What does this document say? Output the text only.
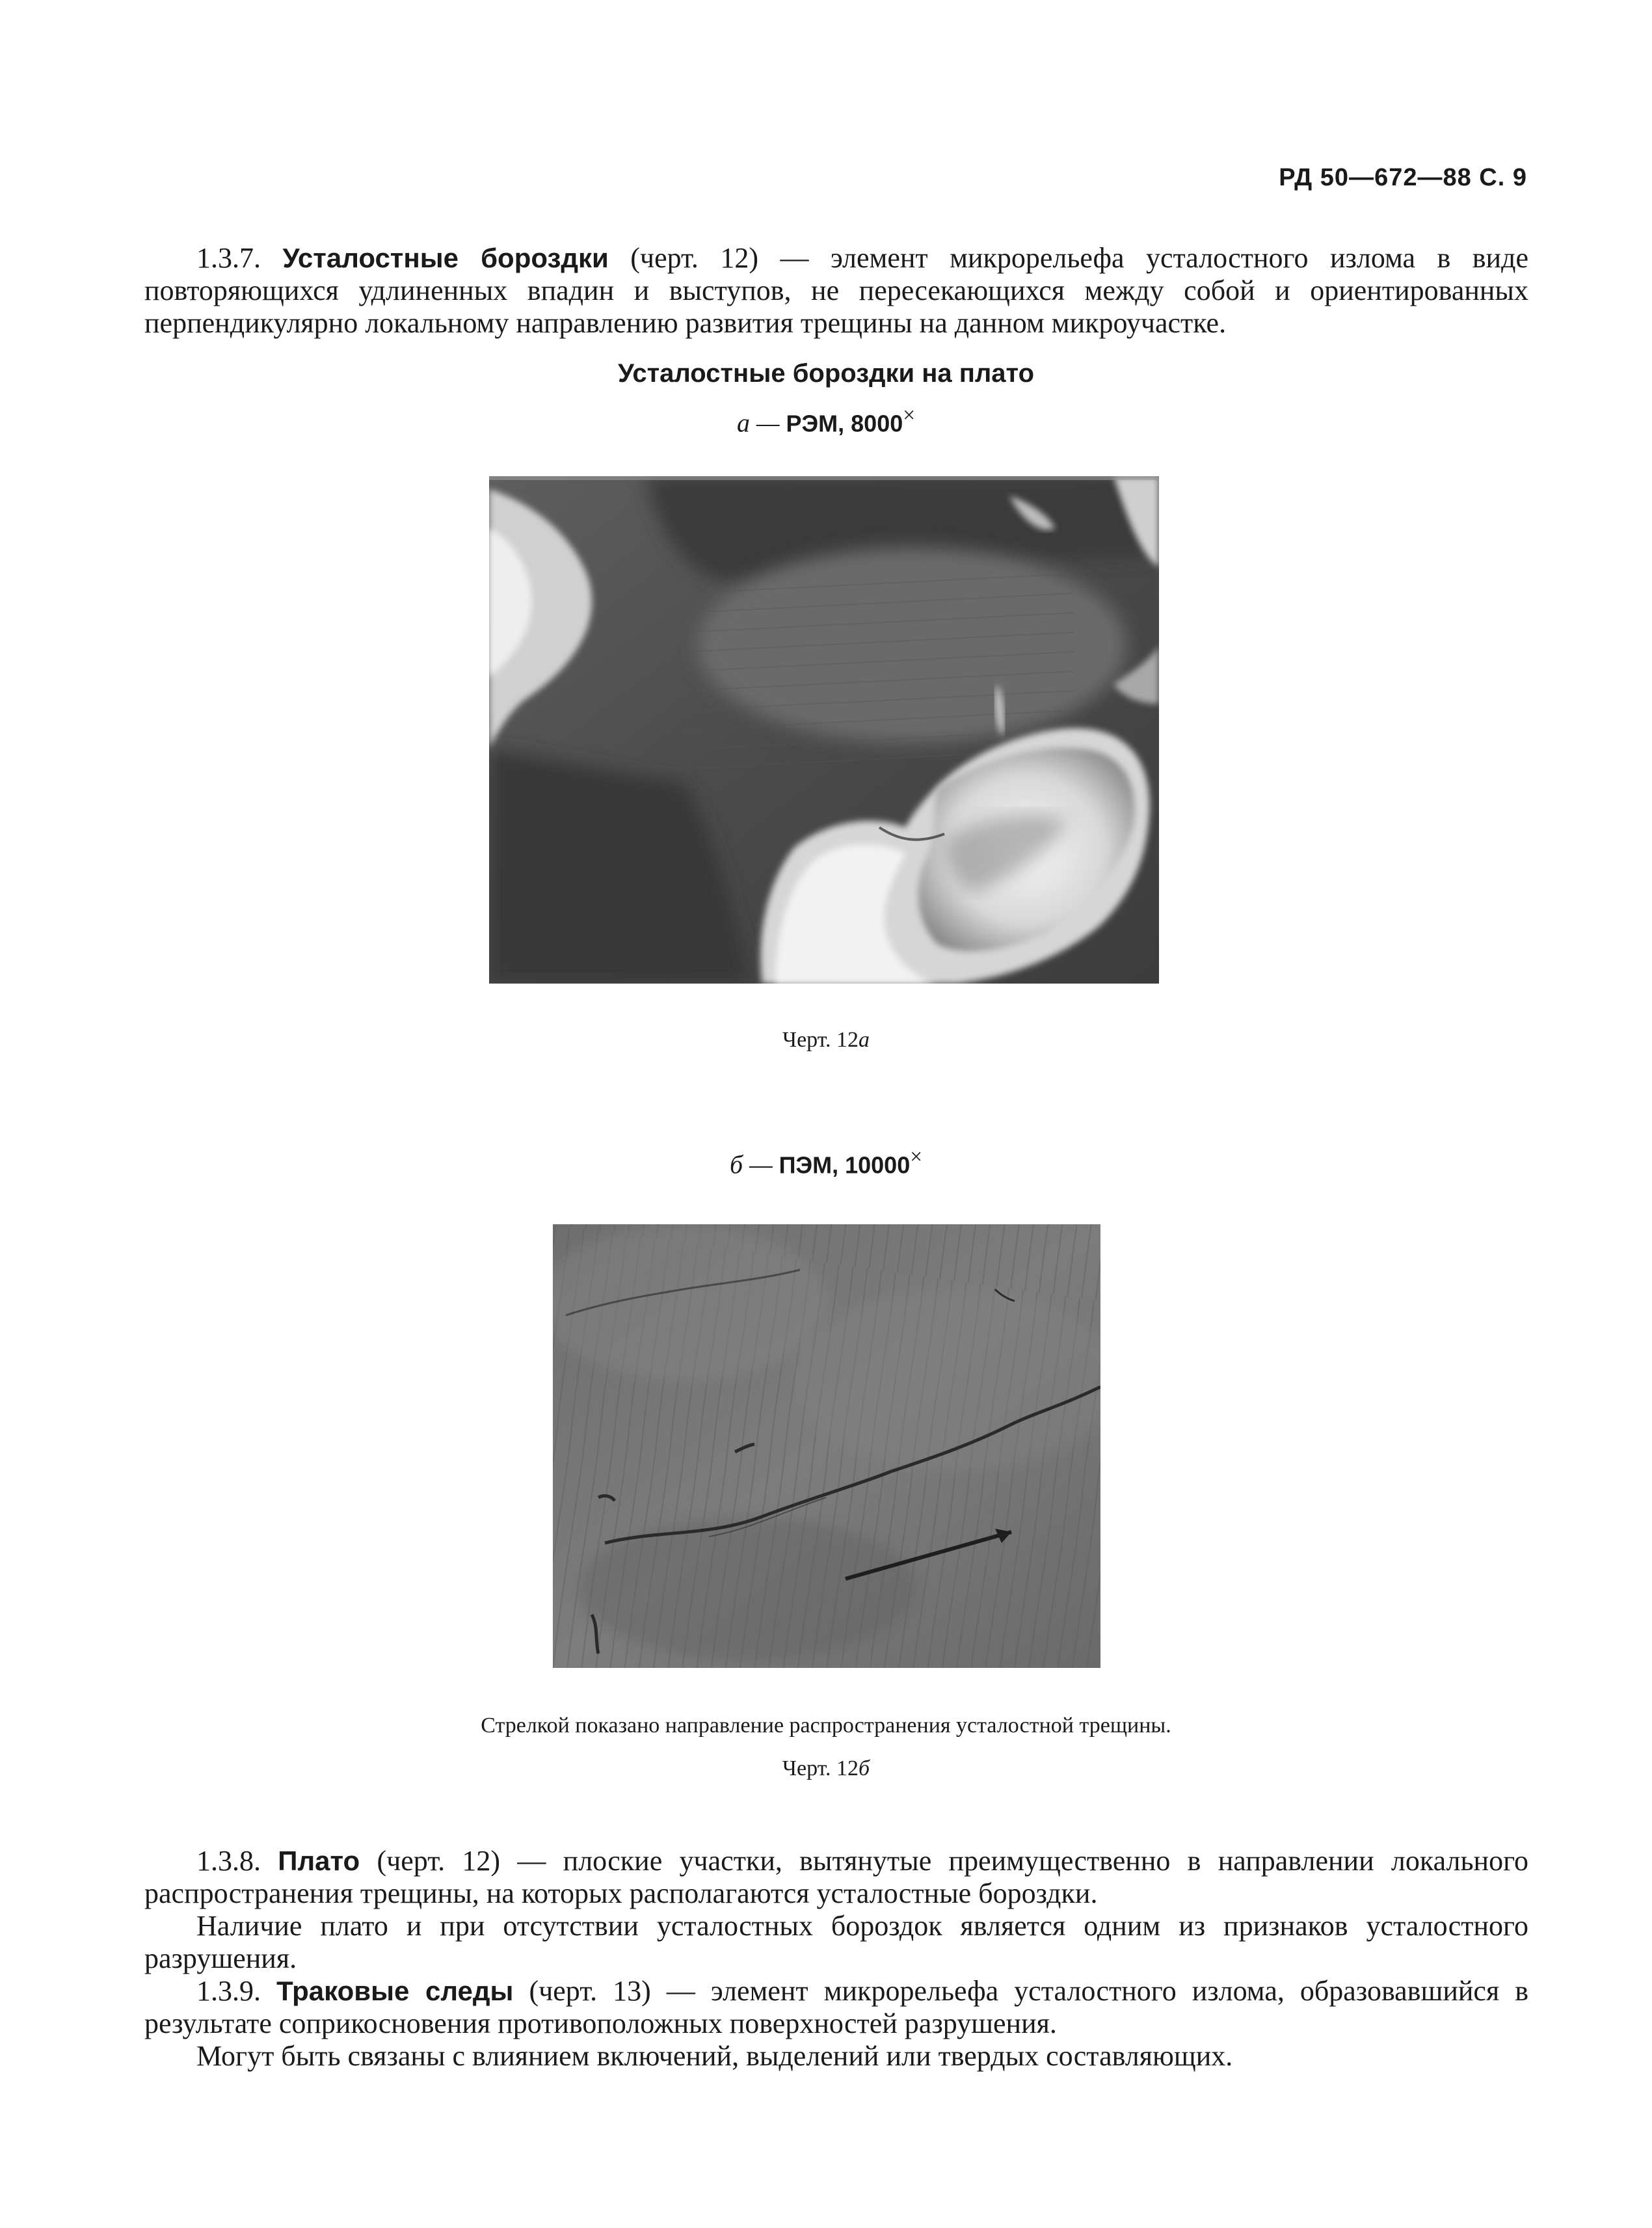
РД 50—672—88 С. 9
1.3.7. Усталостные бороздки (черт. 12) — элемент микрорельефа усталостного излома в виде повторяющихся удлиненных впадин и выступов, не пересекающихся между собой и ориентированных перпендикулярно локальному направлению развития трещины на данном микроучастке.
Усталостные бороздки на плато
а — РЭМ, 8000×
Черт. 12а
б — ПЭМ, 10000×
Стрелкой показано направление распространения усталостной трещины.
Черт. 12б
1.3.8. Плато (черт. 12) — плоские участки, вытянутые преимущественно в направлении локального распространения трещины, на которых располагаются усталостные бороздки.
Наличие плато и при отсутствии усталостных бороздок является одним из признаков усталостного разрушения.
1.3.9. Траковые следы (черт. 13) — элемент микрорельефа усталостного излома, образовавшийся в результате соприкосновения противоположных поверхностей разрушения.
Могут быть связаны с влиянием включений, выделений или твердых составляющих.
